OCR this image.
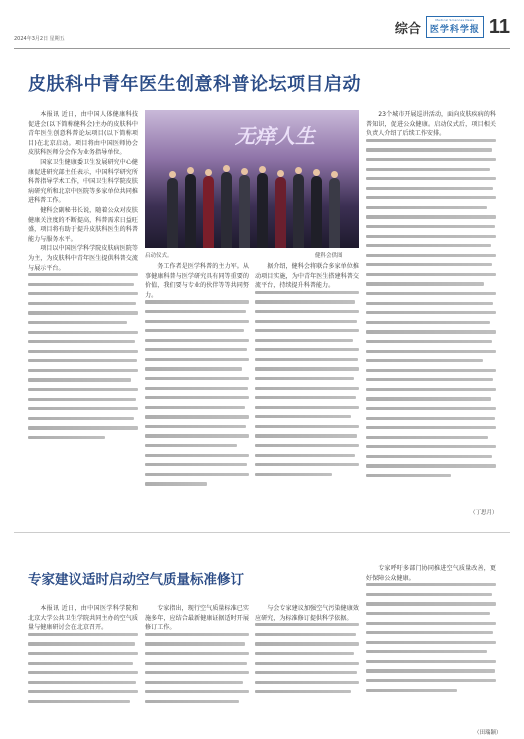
2024年3月2日 星期五
综合
Medical Sciences News
医学科学报 11
皮肤科中青年医生创意科普论坛项目启动

本报讯 近日，由中国人体健康科技促进会(以下简称健科会)主办的皮肤科中青年医生创意科普论坛项目(以下简称项目)在北京启动。项目将由中国医师协会皮肤科医师分会作为业务指导单位。

国家卫生健康委卫生发展研究中心健康促进研究部主任表示，中国科学研究所科普指导学术工作，中国卫生科学院皮肤病研究所和北京中医院等多家单位共同推进科普工作。

健科会副秘书长说，随着公众对皮肤健康关注度的不断提高，科普需求日益旺盛，项目将有助于提升皮肤科医生的科普能力与服务水平。

项目以中国医学科学院皮肤病医院等为主，为皮肤科中青年医生提供科普交流与展示平台。

无痒人生
启动仪式。	健科会供图

务工作者是医学科普的主力军。从事健康科普与医学研究具有同等重要的价值，我们要与专业的伙伴等等共同努力。

据介绍，健科会将联合多家单位推动项目实施，为中青年医生搭建科普交流平台，持续提升科普能力。

23个城市开展巡讲活动，面向皮肤疾病的科普知识，促进公众健康。启动仪式后，项目相关负责人介绍了后续工作安排。

（丁思月）
专家建议适时启动空气质量标准修订

本报讯 近日，由中国医学科学院和北京大学公共卫生学院共同主办的空气质量与健康研讨会在北京召开。

专家指出，现行空气质量标准已实施多年，应结合最新健康证据适时开展修订工作。

与会专家建议加强空气污染健康效应研究，为标准修订提供科学依据。

专家呼吁多部门协同推进空气质量改善，更好保障公众健康。

（田瑞颖）
